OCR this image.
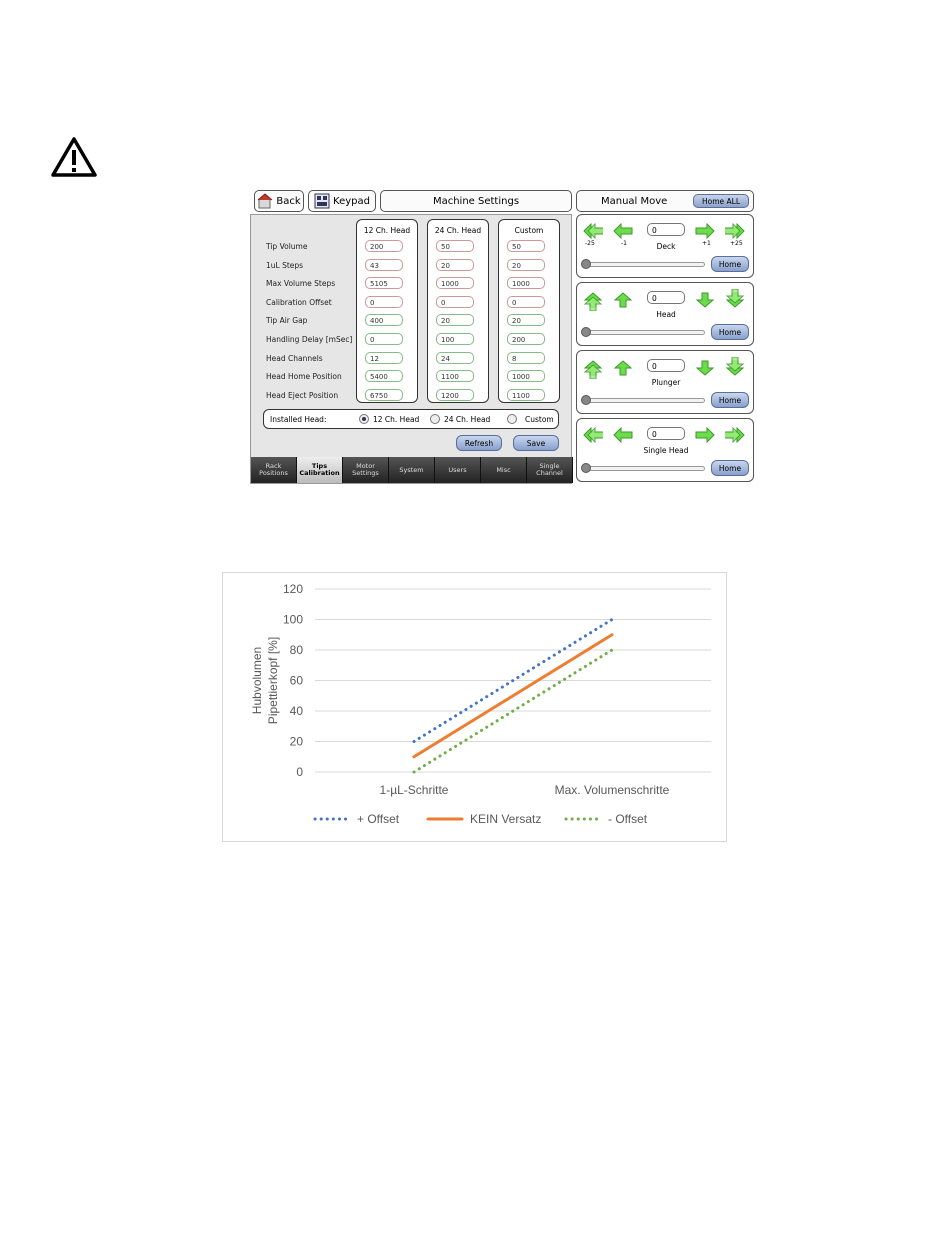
Back	Keypad	Machine Settings	Manual Move	Home ALL
12 Ch. Head	24 Ch. Head	Custom
Installed Head:	12 Ch. Head	24 Ch. Head	Custom
Refresh	Save
Rack
Positions
Tips
Calibration
Motor
Settings	System	Users	Misc	Single
Channel
Tip Volume	200	50	50
1uL Steps	43	20	20
Max Volume Steps	5105	1000	1000
Calibration Offset	0	0	0
Tip Air Gap	400	20	20
Handling Delay [mSec]	0	100	200
Head Channels	12	24	8
Head Home Position	5400	1100	1000
Head Eject Position	6750	1200	1100
0
Deck
-25	-1	+1	+25
Home
0
Head
Home
0
Plunger
Home
0
Single Head
Home
0
20
40
60
80
100
120
1-µL-Schritte	Max. Volumenschritte
Hubvolumen Pipettierkopf [%]
+ Offset	KEIN Versatz	- Offset
